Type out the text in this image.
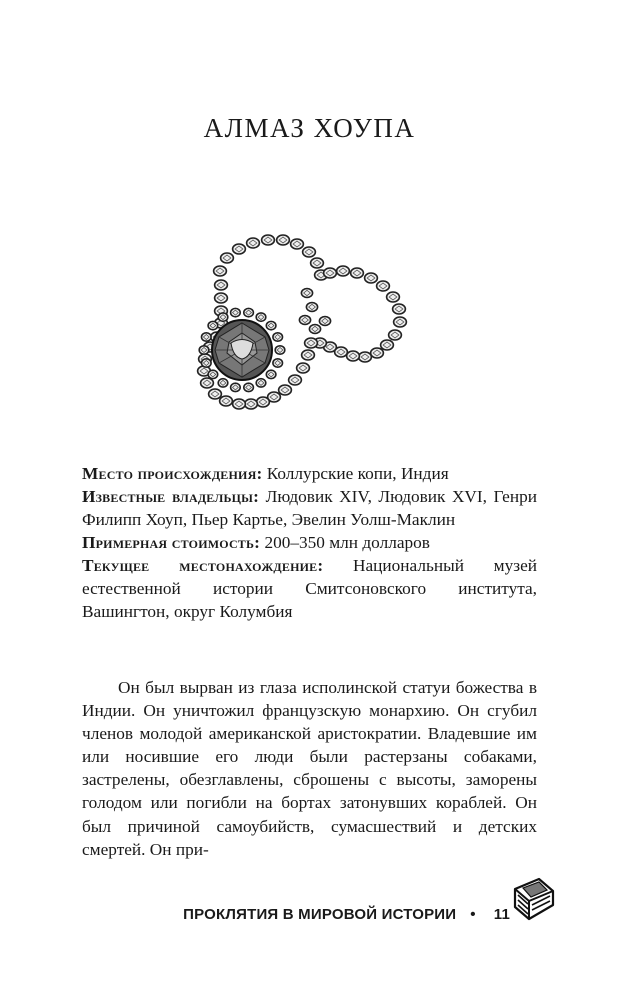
АЛМАЗ ХОУПА

Место происхождения: Коллурские копи, Индия

Известные владельцы: Людовик XIV, Людовик XVI, Генри Филипп Хоуп, Пьер Картье, Эвелин Уолш-Маклин

Примерная стоимость: 200–350 млн долларов

Текущее местонахождение: Национальный музей естественной истории Смитсоновского института, Вашингтон, округ Колумбия

Он был вырван из глаза исполинской статуи божества в Индии. Он уничтожил французскую монархию. Он сгубил членов молодой американской аристократии. Владевшие им или носившие его люди были растерзаны собаками, застрелены, обезглавлены, сброшены с высоты, заморены голодом или погибли на бортах затонувших кораблей. Он был причиной самоубийств, сумасшествий и детских смертей. Он при-

ПРОКЛЯТИЯ В МИРОВОЙ ИСТОРИИ • 11
